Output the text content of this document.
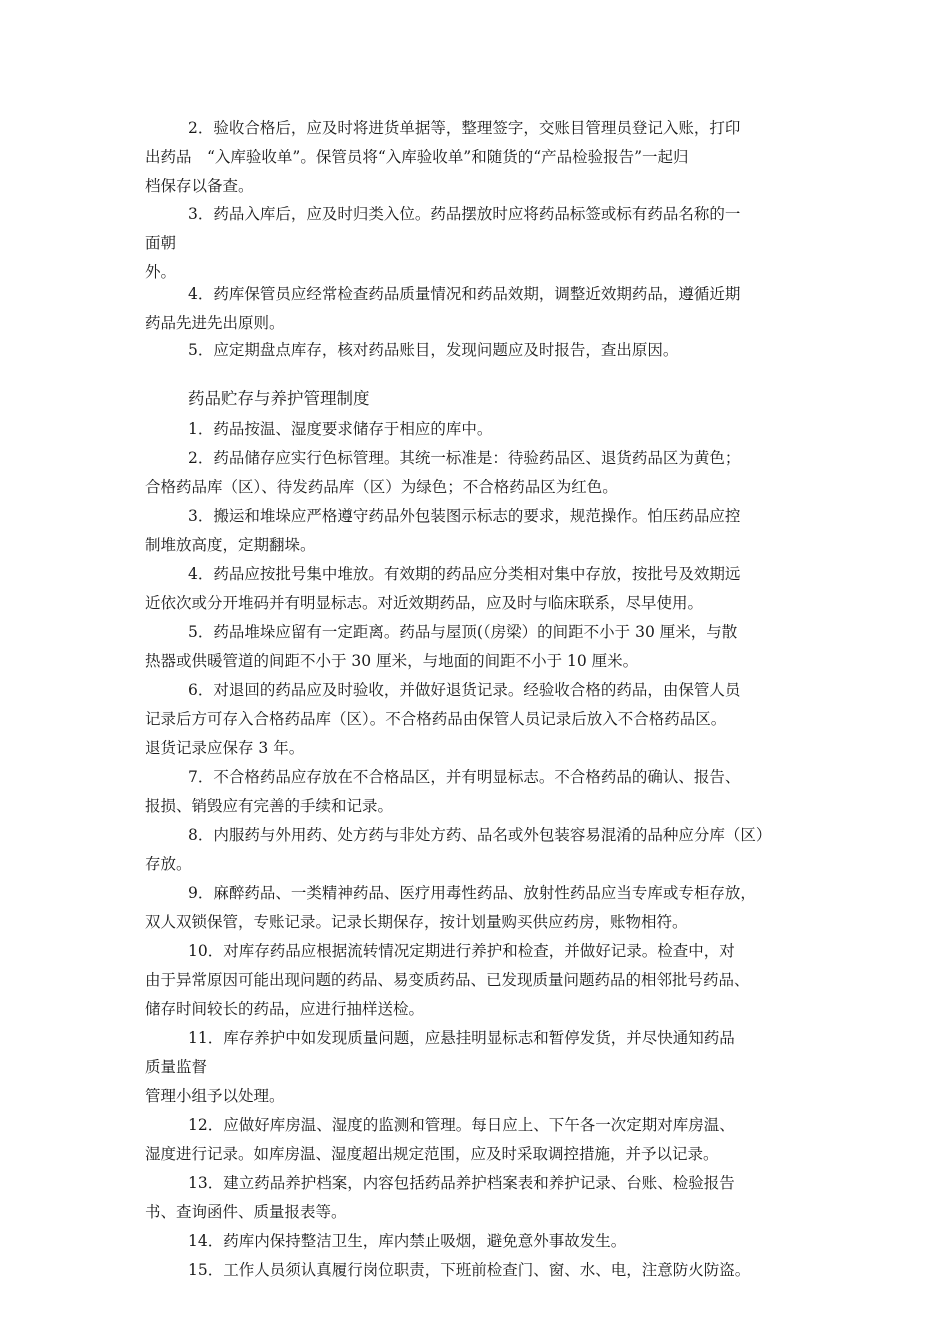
2．验收合格后，应及时将进货单据等，整理签字，交账目管理员登记入账，打印
出药品　“入库验收单”。保管员将“入库验收单”和随货的“产品检验报告”一起归
档保存以备查。
3．药品入库后，应及时归类入位。药品摆放时应将药品标签或标有药品名称的一
面朝
外。
4．药库保管员应经常检查药品质量情况和药品效期，调整近效期药品，遵循近期
药品先进先出原则。
5．应定期盘点库存，核对药品账目，发现问题应及时报告，查出原因。
药品贮存与养护管理制度
1．药品按温、湿度要求储存于相应的库中。
2．药品储存应实行色标管理。其统一标准是：待验药品区、退货药品区为黄色；
合格药品库（区）、待发药品库（区）为绿色；不合格药品区为红色。
3．搬运和堆垛应严格遵守药品外包装图示标志的要求，规范操作。怕压药品应控
制堆放高度，定期翻垛。
4．药品应按批号集中堆放。有效期的药品应分类相对集中存放，按批号及效期远
近依次或分开堆码并有明显标志。对近效期药品，应及时与临床联系，尽早使用。
5．药品堆垛应留有一定距离。药品与屋顶(（房梁）的间距不小于 30 厘米，与散
热器或供暖管道的间距不小于 30 厘米，与地面的间距不小于 10 厘米。
6．对退回的药品应及时验收，并做好退货记录。经验收合格的药品，由保管人员
记录后方可存入合格药品库（区）。不合格药品由保管人员记录后放入不合格药品区。
退货记录应保存 3 年。
7．不合格药品应存放在不合格品区，并有明显标志。不合格药品的确认、报告、
报损、销毁应有完善的手续和记录。
8．内服药与外用药、处方药与非处方药、品名或外包装容易混淆的品种应分库（区）
存放。
9．麻醉药品、一类精神药品、医疗用毒性药品、放射性药品应当专库或专柜存放，
双人双锁保管，专账记录。记录长期保存，按计划量购买供应药房，账物相符。
10．对库存药品应根据流转情况定期进行养护和检查，并做好记录。检查中，对
由于异常原因可能出现问题的药品、易变质药品、已发现质量问题药品的相邻批号药品、
储存时间较长的药品，应进行抽样送检。
11．库存养护中如发现质量问题，应悬挂明显标志和暂停发货，并尽快通知药品
质量监督
管理小组予以处理。
12．应做好库房温、湿度的监测和管理。每日应上、下午各一次定期对库房温、
湿度进行记录。如库房温、湿度超出规定范围，应及时采取调控措施，并予以记录。
13．建立药品养护档案，内容包括药品养护档案表和养护记录、台账、检验报告
书、查询函件、质量报表等。
14．药库内保持整洁卫生，库内禁止吸烟，避免意外事故发生。
15．工作人员须认真履行岗位职责，下班前检查门、窗、水、电，注意防火防盗。
